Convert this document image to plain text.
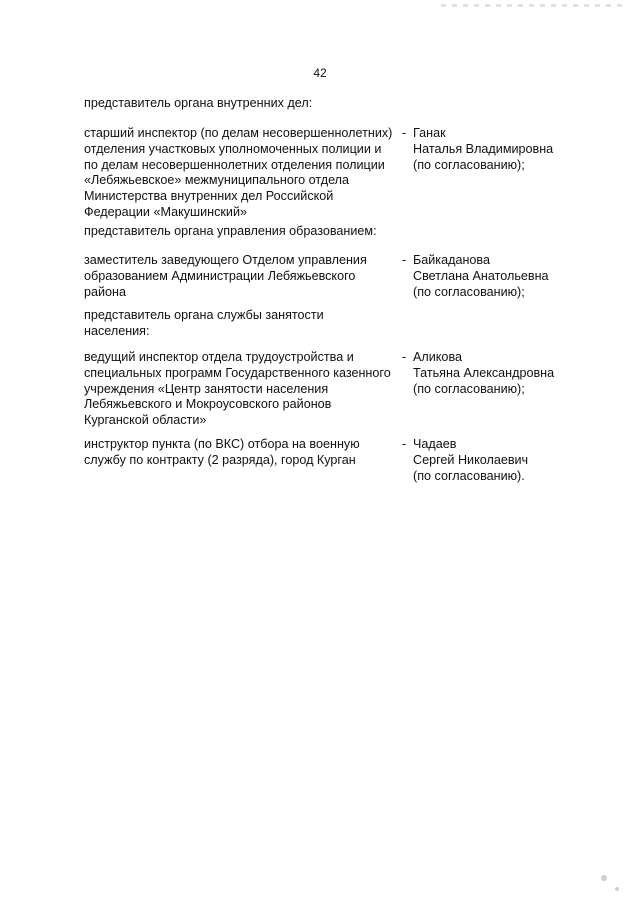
42
представитель органа внутренних дел:
старший инспектор (по делам несовершеннолетних)
отделения участковых уполномоченных полиции и
по делам несовершеннолетних отделения полиции
«Лебяжьевское» межмуниципального отдела
Министерства внутренних дел Российской
Федерации «Макушинский»
- Ганак
Наталья Владимировна
(по согласованию);
представитель органа управления образованием:
заместитель заведующего Отделом управления
образованием Администрации Лебяжьевского
района
- Байкаданова
Светлана Анатольевна
(по согласованию);
представитель органа службы занятости
населения:
ведущий инспектор отдела трудоустройства и
специальных программ Государственного казенного
учреждения «Центр занятости населения
Лебяжьевского и Мокроусовского районов
Курганской области»
- Аликова
Татьяна Александровна
(по согласованию);
инструктор пункта (по ВКС) отбора на военную
службу по контракту (2 разряда), город Курган
- Чадаев
Сергей Николаевич
(по согласованию).
